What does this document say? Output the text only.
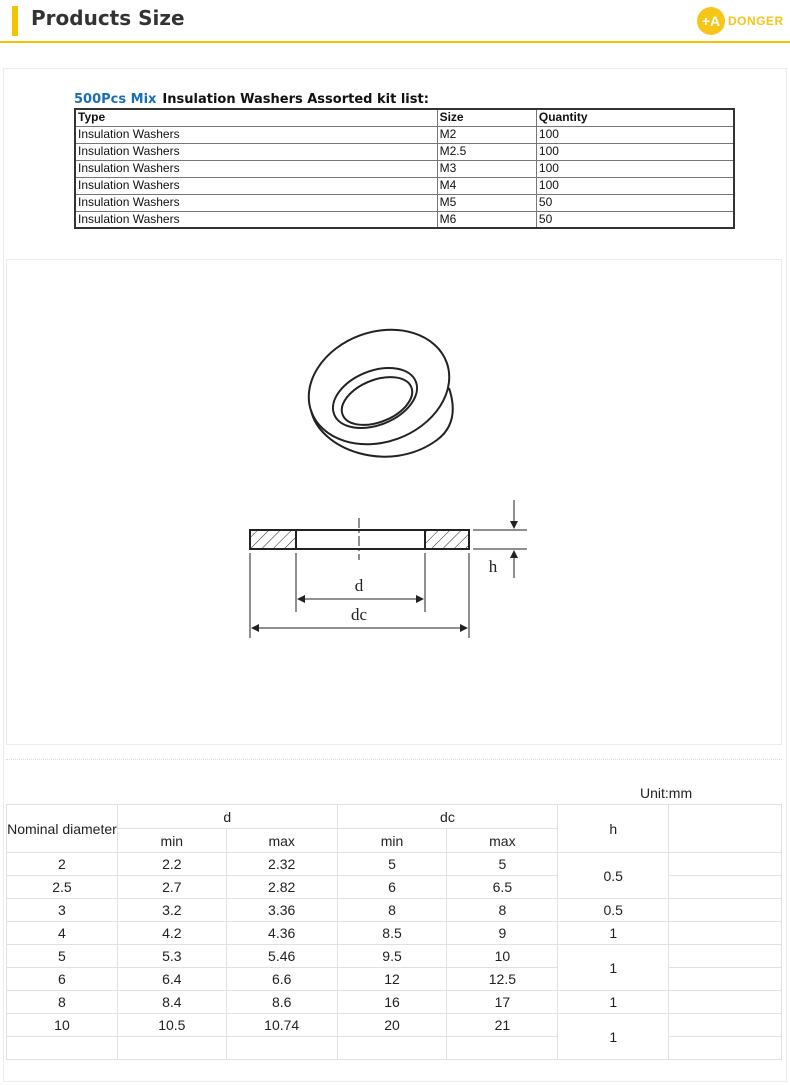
Products Size	+A DONGER
500Pcs Mix Insulation Washers Assorted kit list:
Type	Size	Quantity
Insulation Washers	M2	100
Insulation Washers	M2.5	100
Insulation Washers	M3	100
Insulation Washers	M4	100
Insulation Washers	M5	50
Insulation Washers	M6	50
d
dc
h
Unit:mm
Nominal diameter	d		dc		h	
	min	max	min	max		
2	2.2	2.32	5	5	0.5	
2.5	2.7	2.82	6	6.5		
3	3.2	3.36	8	8	0.5	
4	4.2	4.36	8.5	9	1	
5	5.3	5.46	9.5	10	1	
6	6.4	6.6	12	12.5		
8	8.4	8.6	16	17	1	
10	10.5	10.74	20	21	1	
